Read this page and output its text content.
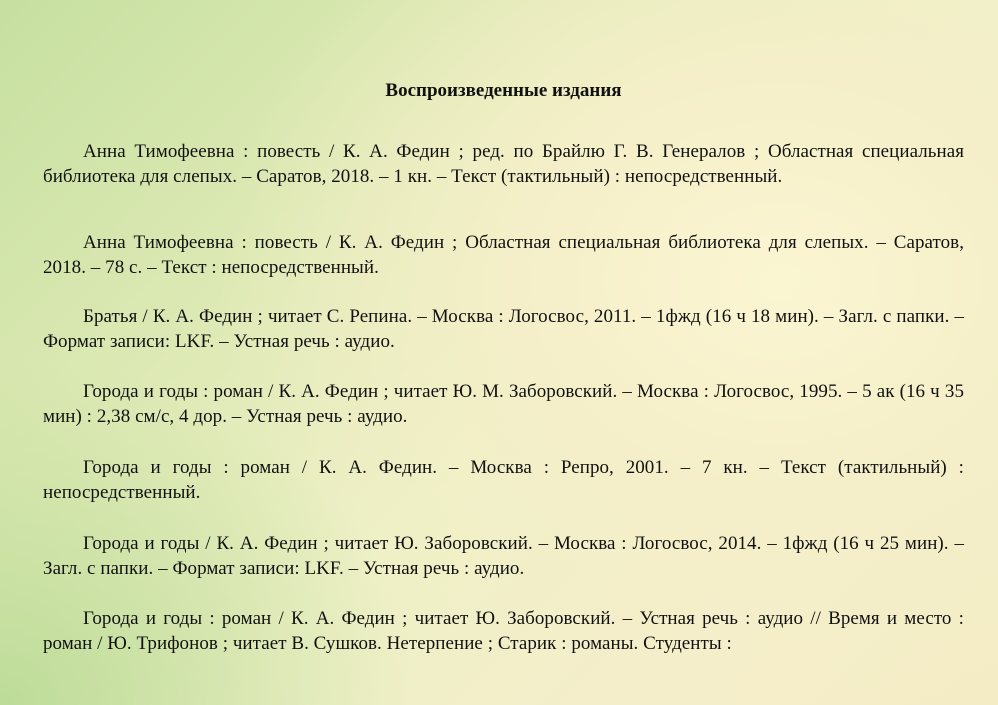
Воспроизведенные издания

Анна Тимофеевна : повесть / К. А. Федин ; ред. по Брайлю Г. В. Генералов ; Областная специальная библиотека для слепых. – Саратов, 2018. – 1 кн. – Текст (тактильный) : непосредственный.

Анна Тимофеевна : повесть / К. А. Федин ; Областная специальная библиотека для слепых. – Саратов, 2018. – 78 с. – Текст : непосредственный.

Братья / К. А. Федин ; читает С. Репина. – Москва : Логосвос, 2011. – 1фжд (16 ч 18 мин). – Загл. с папки. – Формат записи: LKF. – Устная речь : аудио.

Города и годы : роман / К. А. Федин ; читает Ю. М. Заборовский. – Москва : Логосвос, 1995. – 5 ак (16 ч 35 мин) : 2,38 см/с, 4 дор. – Устная речь : аудио.

Города и годы : роман / К. А. Федин. – Москва : Репро, 2001. – 7 кн. – Текст (тактильный) : непосредственный.

Города и годы / К. А. Федин ; читает Ю. Заборовский. – Москва : Логосвос, 2014. – 1фжд (16 ч 25 мин). – Загл. с папки. – Формат записи: LKF. – Устная речь : аудио.

Города и годы : роман / К. А. Федин ; читает Ю. Заборовский. – Устная речь : аудио // Время и место : роман / Ю. Трифонов ; читает В. Сушков. Нетерпение ; Старик : романы. Студенты :
